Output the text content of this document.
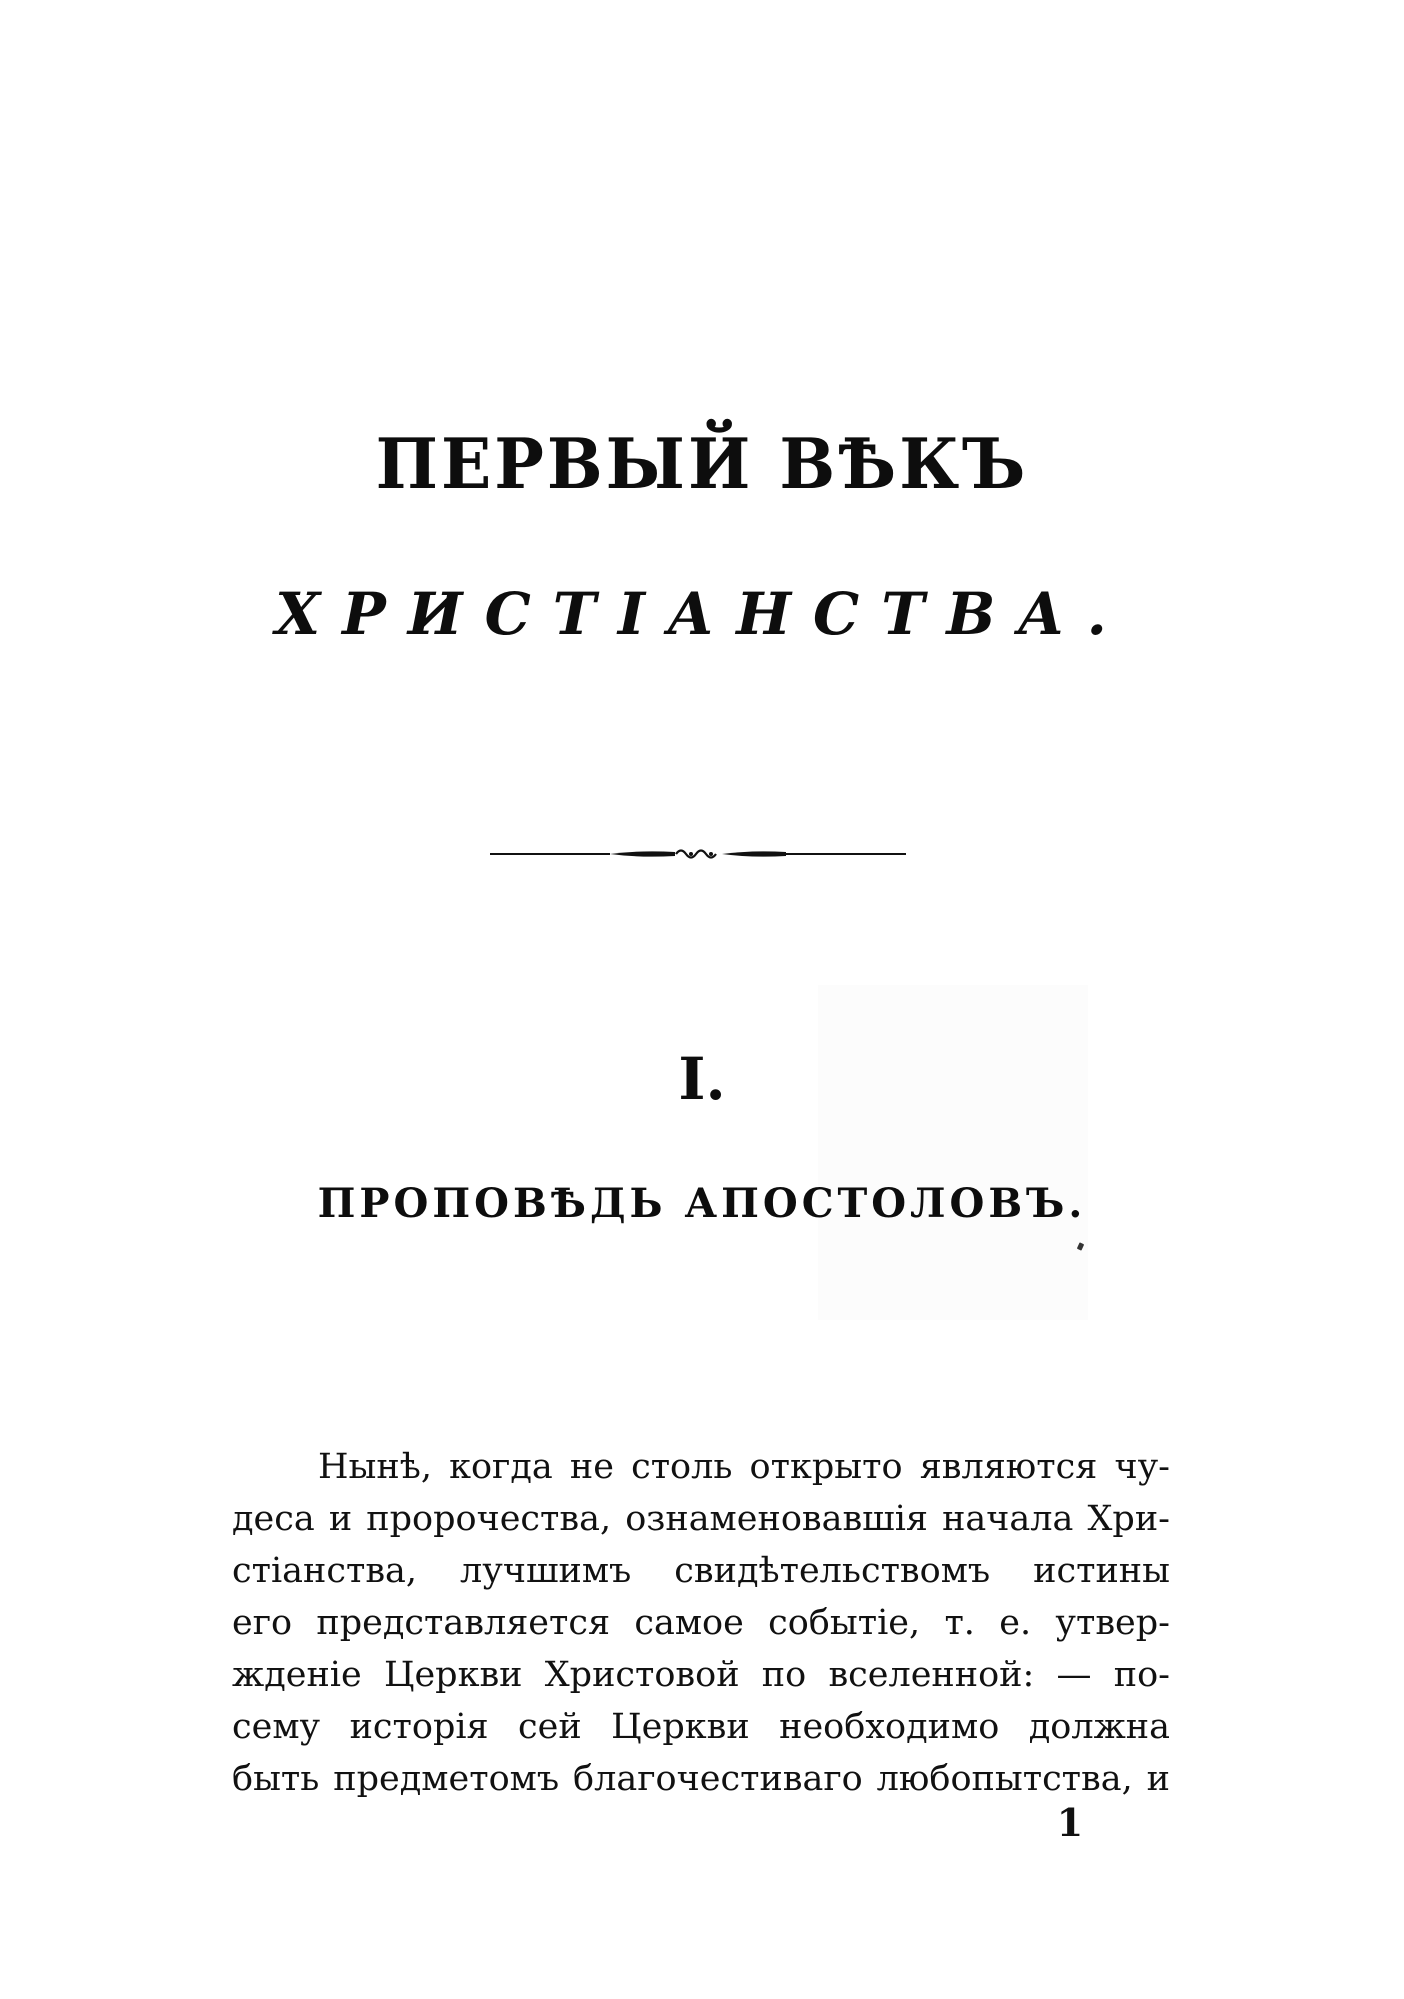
ПЕРВЫЙ ВѢКЪ
ХРИСТІАНСТВА.
I.
ПРОПОВѢДЬ АПОСТОЛОВЪ.
Нынѣ, когда не столь открыто являются чу-
деса и пророчества, ознаменовавшія начала Хри-
стіанства, лучшимъ свидѣтельствомъ истины
его представляется самое событіе, т. е. утвер-
жденіе Церкви Христовой по вселенной: — по-
сему исторія сей Церкви необходимо должна
быть предметомъ благочестиваго любопытства, и
1
